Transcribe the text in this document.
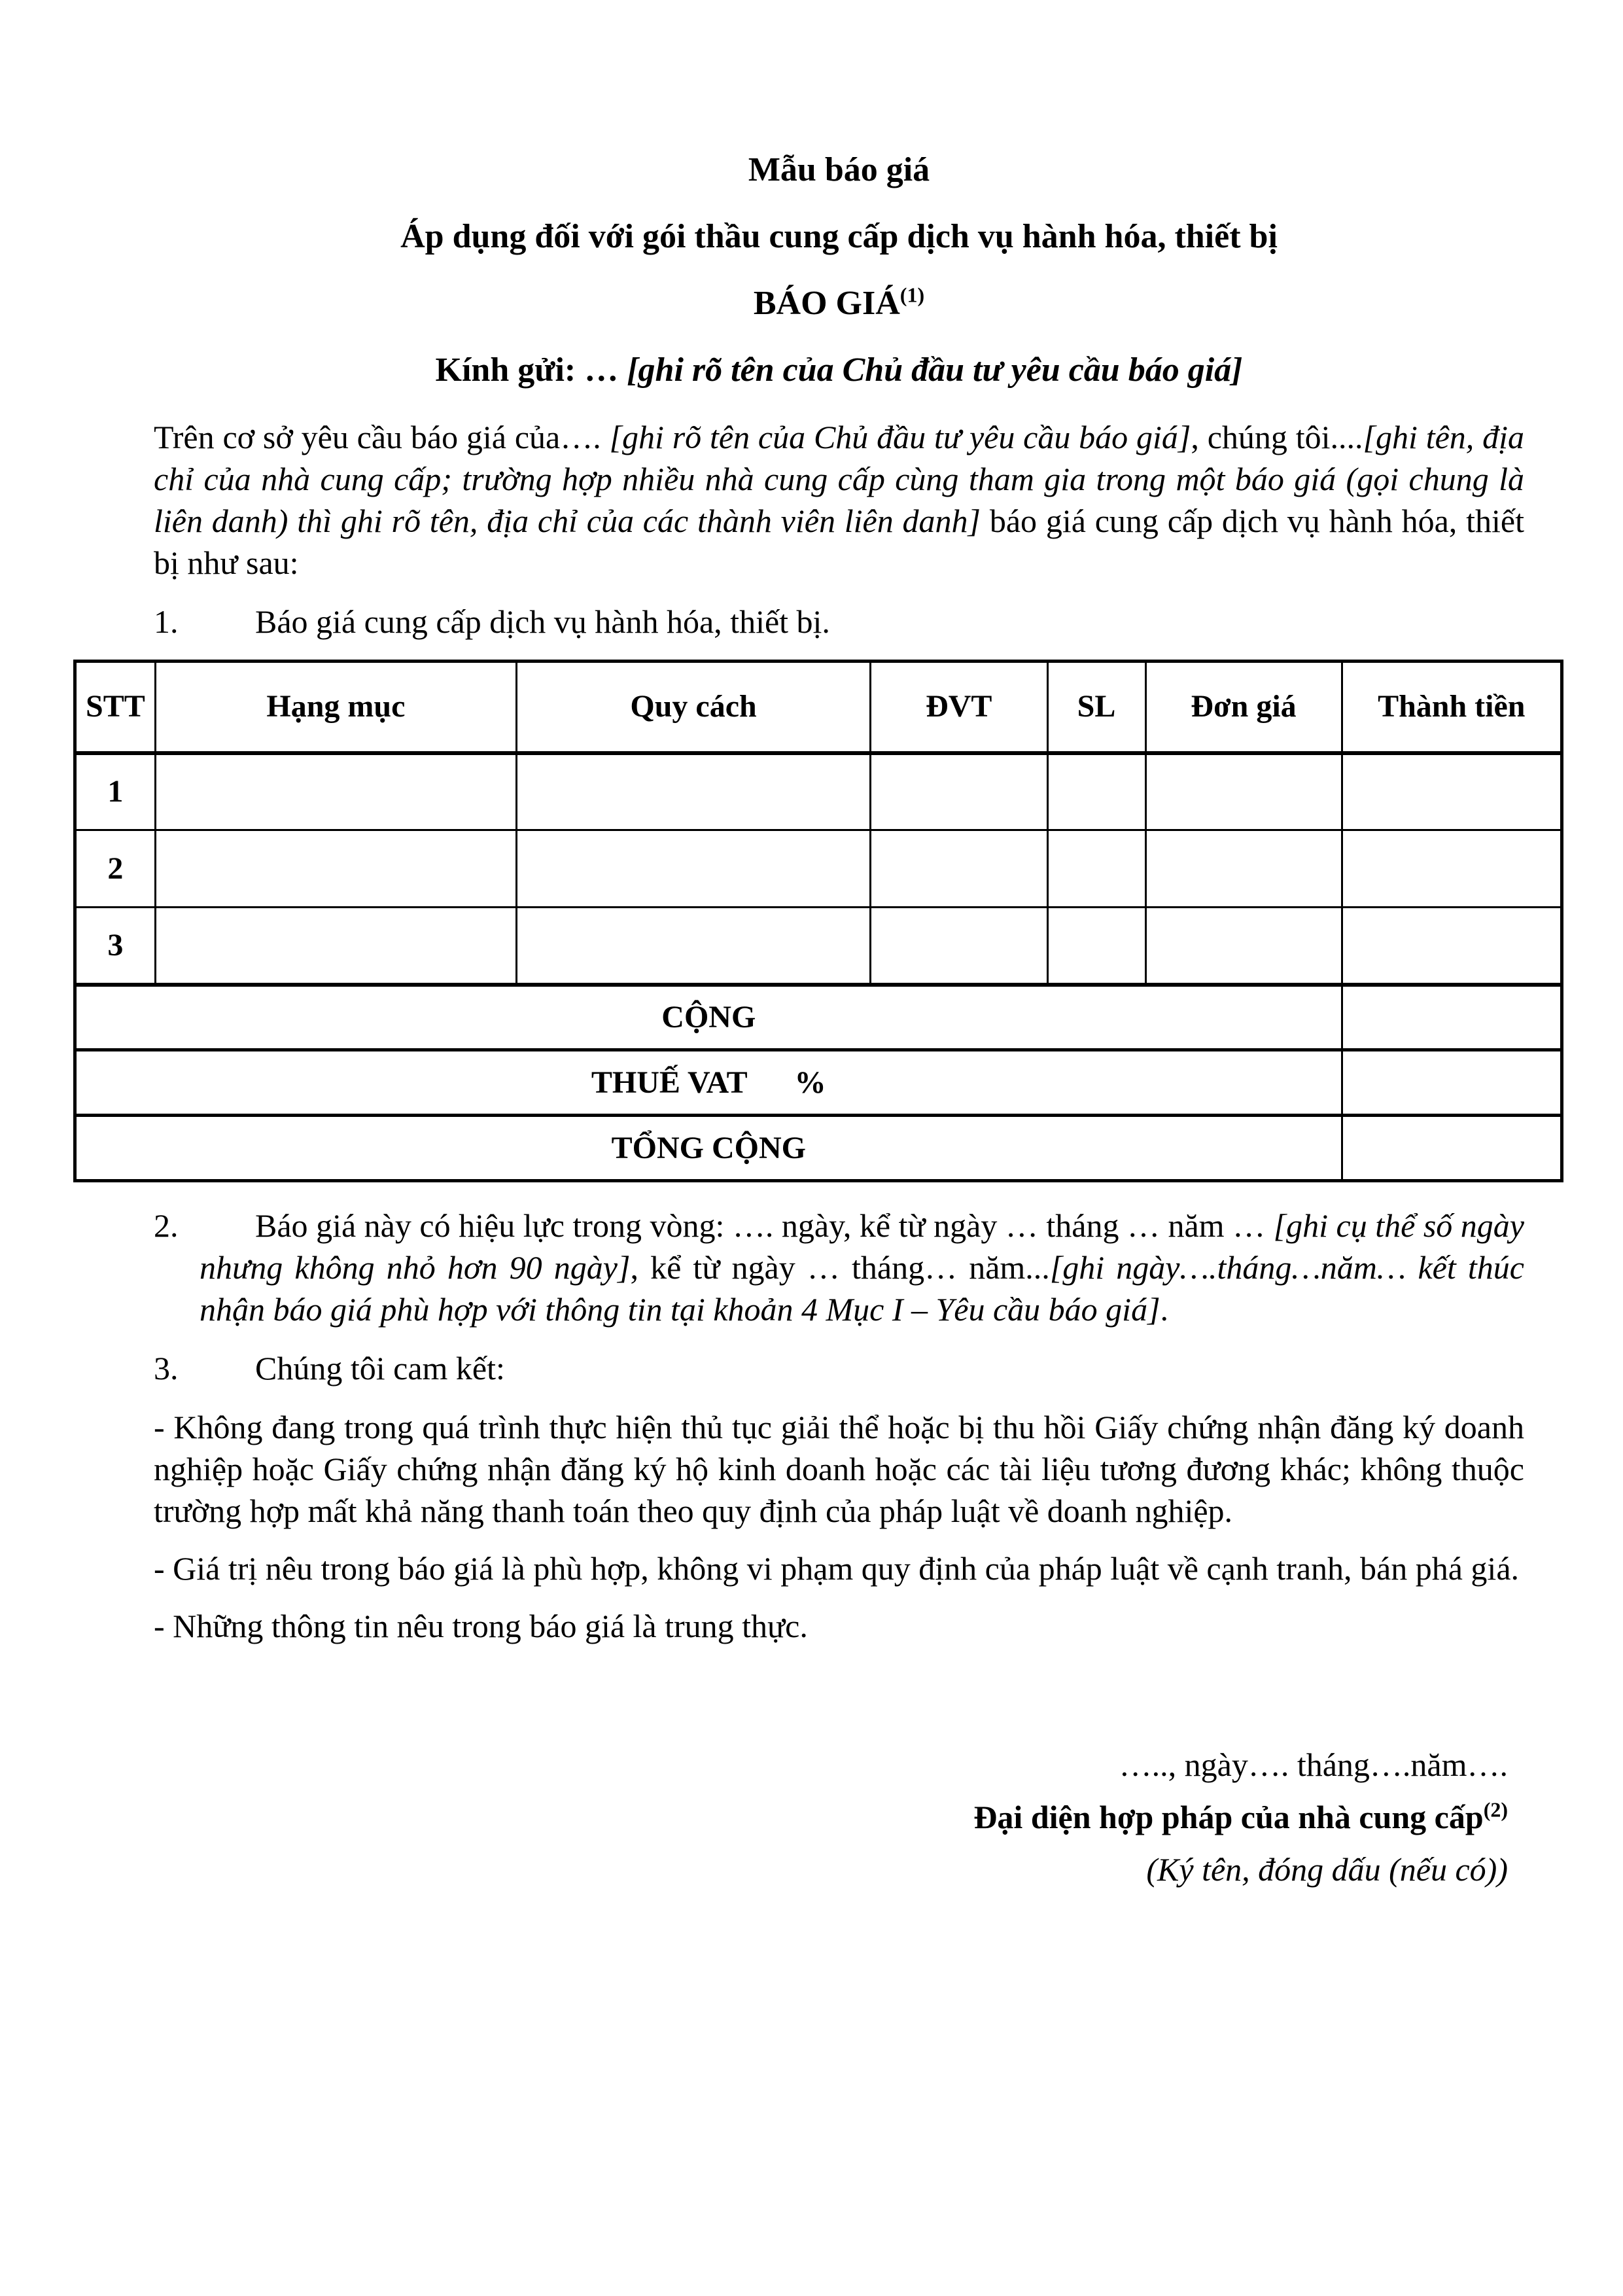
Mẫu báo giá

Áp dụng đối với gói thầu cung cấp dịch vụ hành hóa, thiết bị

BÁO GIÁ$^{(1)}$

Kính gửi: … [ghi rõ tên của Chủ đầu tư yêu cầu báo giá]

Trên cơ sở yêu cầu báo giá của…. [ghi rõ tên của Chủ đầu tư yêu cầu báo giá], chúng tôi....[ghi tên, địa chỉ của nhà cung cấp; trường hợp nhiều nhà cung cấp cùng tham gia trong một báo giá (gọi chung là liên danh) thì ghi rõ tên, địa chỉ của các thành viên liên danh] báo giá cung cấp dịch vụ hành hóa, thiết bị như sau:

1. Báo giá cung cấp dịch vụ hành hóa, thiết bị.

STT	Hạng mục	Quy cách	ĐVT	SL	Đơn giá	Thành tiền
1						
2						
3						
CỘNG						
THUẾ VAT      %						
TỔNG CỘNG						

2. Báo giá này có hiệu lực trong vòng: …. ngày, kể từ ngày … tháng … năm … [ghi cụ thể số ngày nhưng không nhỏ hơn 90 ngày], kể từ ngày … tháng… năm...[ghi ngày….tháng…năm… kết thúc nhận báo giá phù hợp với thông tin tại khoản 4 Mục I – Yêu cầu báo giá].

3. Chúng tôi cam kết:

- Không đang trong quá trình thực hiện thủ tục giải thể hoặc bị thu hồi Giấy chứng nhận đăng ký doanh nghiệp hoặc Giấy chứng nhận đăng ký hộ kinh doanh hoặc các tài liệu tương đương khác; không thuộc trường hợp mất khả năng thanh toán theo quy định của pháp luật về doanh nghiệp.

- Giá trị nêu trong báo giá là phù hợp, không vi phạm quy định của pháp luật về cạnh tranh, bán phá giá.

- Những thông tin nêu trong báo giá là trung thực.

….., ngày…. tháng….năm….

Đại diện hợp pháp của nhà cung cấp$^{(2)}$

(Ký tên, đóng dấu (nếu có))
